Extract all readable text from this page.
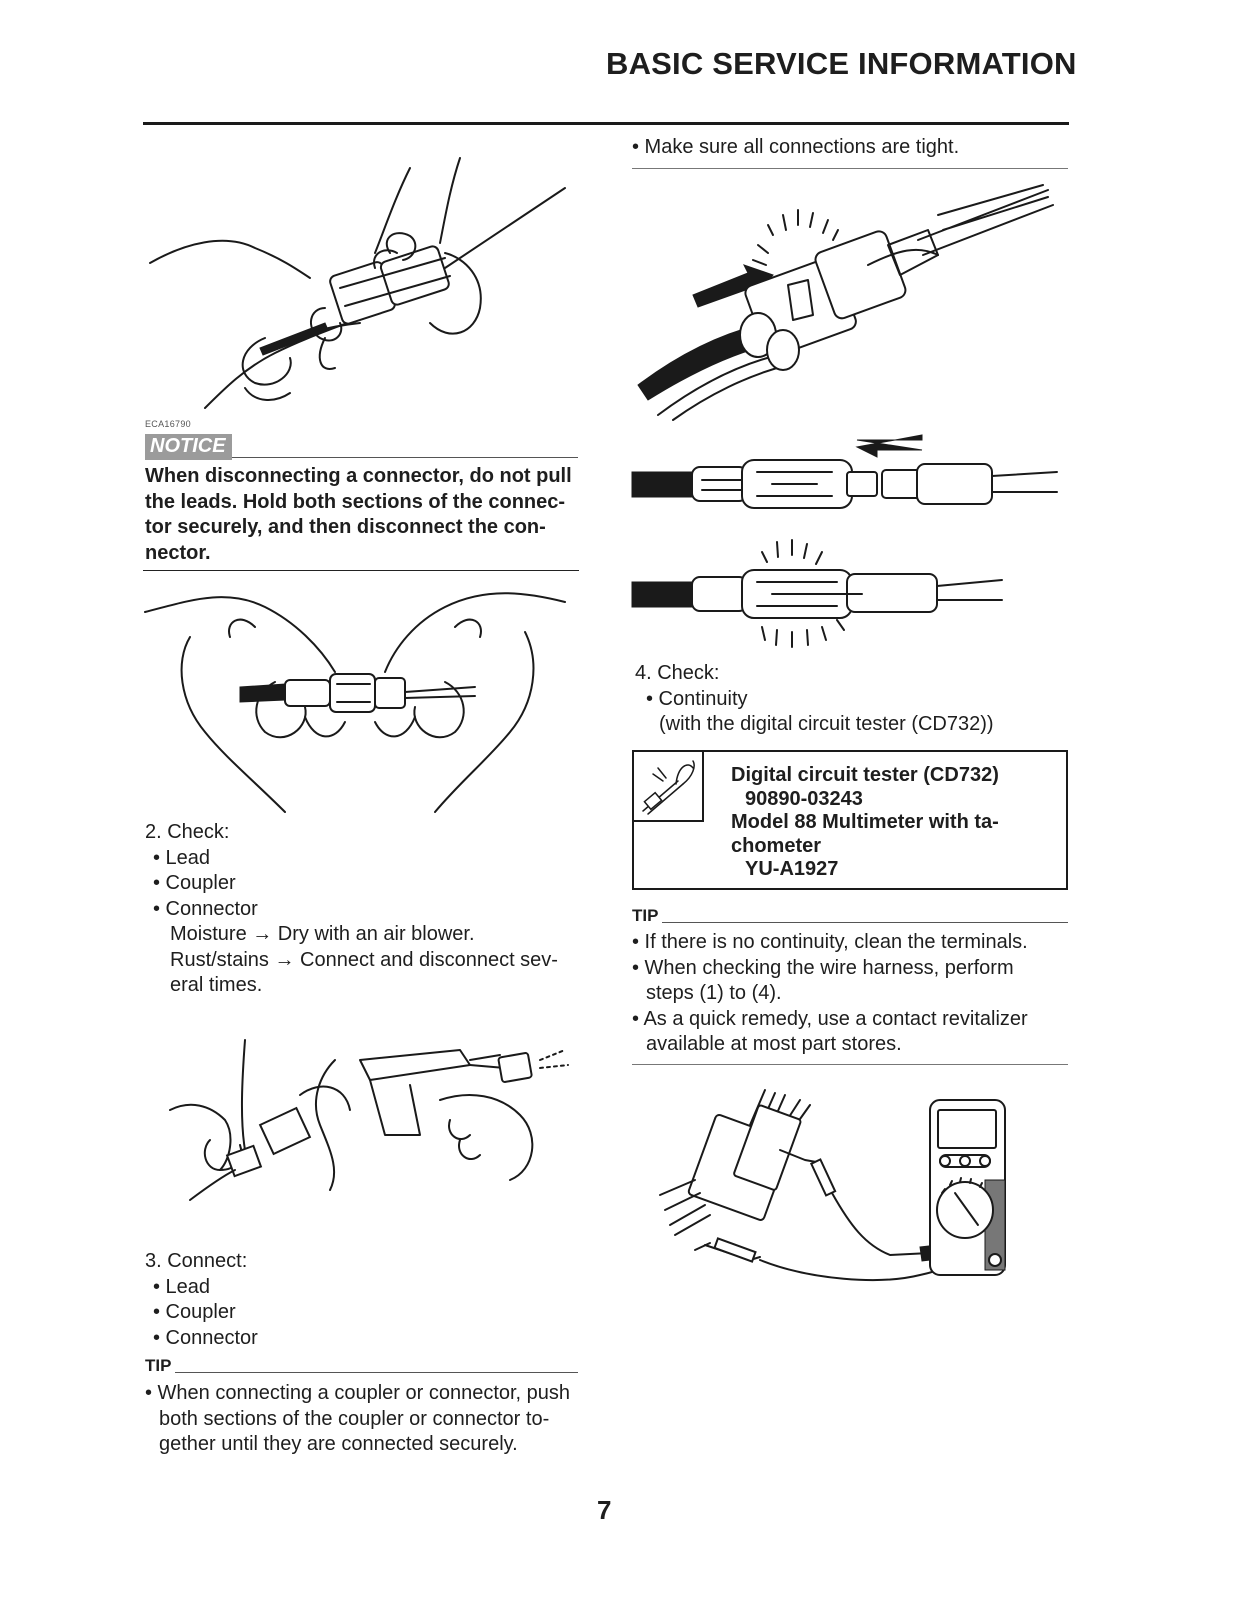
BASIC SERVICE INFORMATION
ECA16790
NOTICE
When disconnecting a connector, do not pull
the leads. Hold both sections of the connec-
tor securely, and then disconnect the con-
nector.
2. Check:
• Lead
• Coupler
• Connector
Moisture → Dry with an air blower.
Rust/stains → Connect and disconnect sev-
eral times.
3. Connect:
• Lead
• Coupler
• Connector
TIP
• When connecting a coupler or connector, push
both sections of the coupler or connector to-
gether until they are connected securely.
• Make sure all connections are tight.
4. Check:
• Continuity
(with the digital circuit tester (CD732))
Digital circuit tester (CD732)
90890-03243
Model 88 Multimeter with ta-
chometer
YU-A1927
TIP
• If there is no continuity, clean the terminals.
• When checking the wire harness, perform
steps (1) to (4).
• As a quick remedy, use a contact revitalizer
available at most part stores.
7
